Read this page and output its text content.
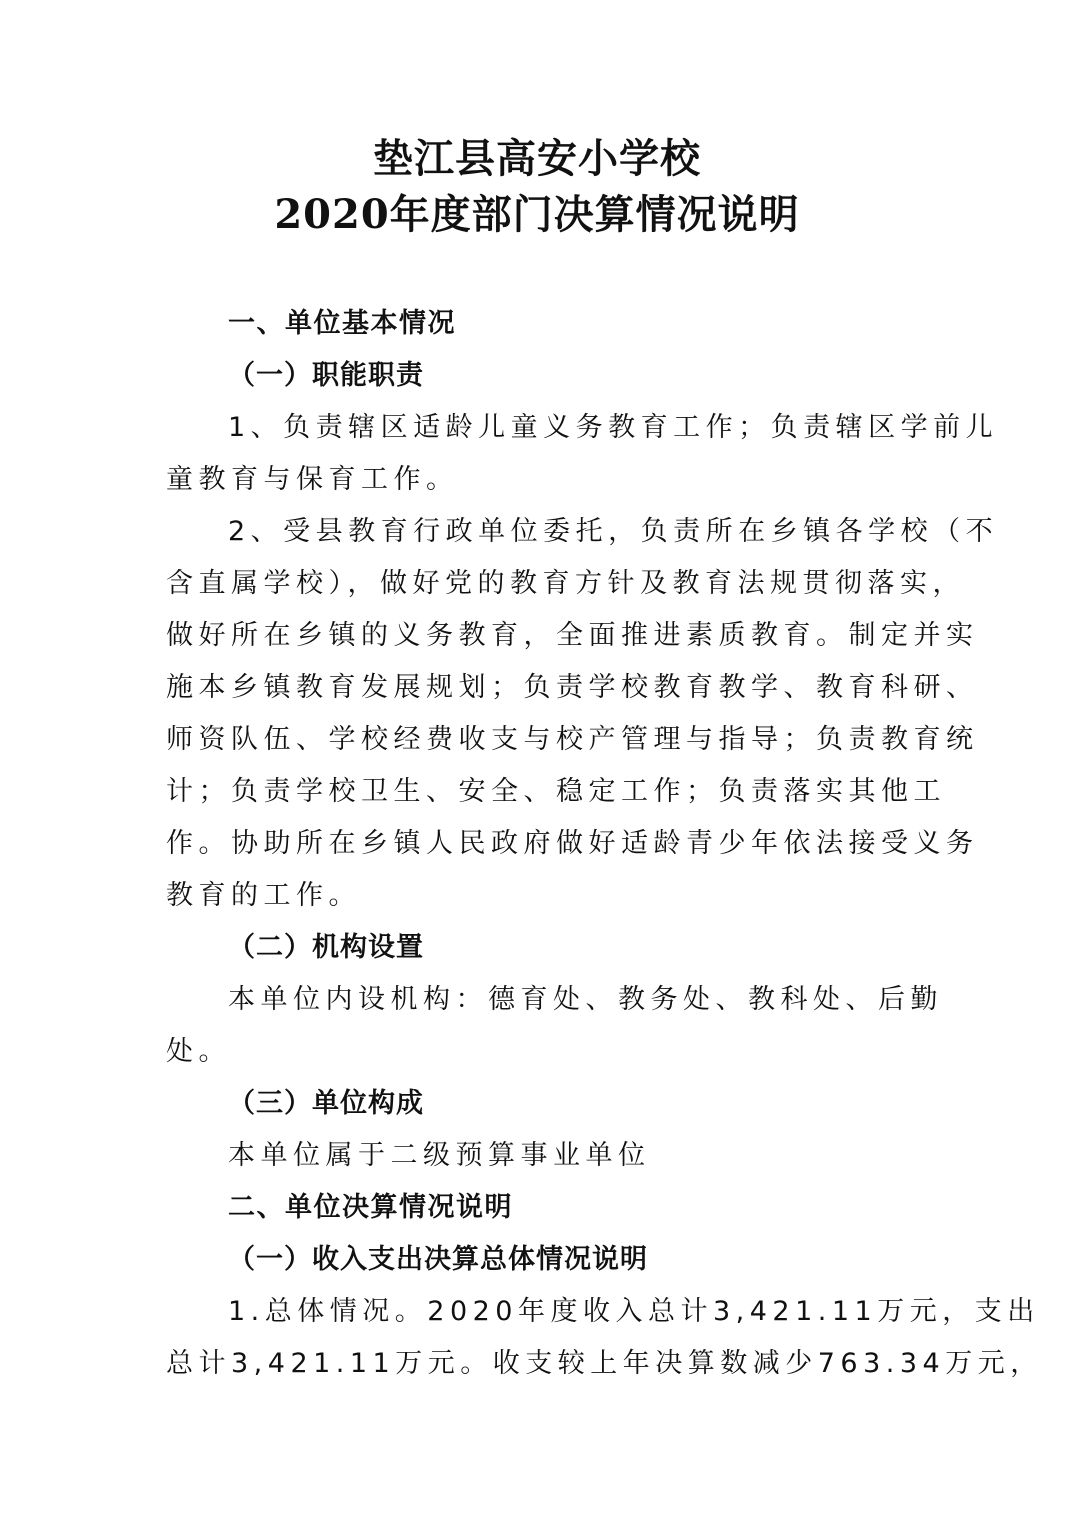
垫江县高安小学校
2020年度部门决算情况说明
一、单位基本情况
（一）职能职责
1、负责辖区适龄儿童义务教育工作；负责辖区学前儿
童教育与保育工作。
2、受县教育行政单位委托，负责所在乡镇各学校（不
含直属学校），做好党的教育方针及教育法规贯彻落实，
做好所在乡镇的义务教育，全面推进素质教育。制定并实
施本乡镇教育发展规划；负责学校教育教学、教育科研、
师资队伍、学校经费收支与校产管理与指导；负责教育统
计；负责学校卫生、安全、稳定工作；负责落实其他工
作。协助所在乡镇人民政府做好适龄青少年依法接受义务
教育的工作。
（二）机构设置
本单位内设机构：德育处、教务处、教科处、后勤
处。
（三）单位构成
本单位属于二级预算事业单位
二、单位决算情况说明
（一）收入支出决算总体情况说明
1.总体情况。2020年度收入总计3,421.11万元，支出
总计3,421.11万元。收支较上年决算数减少763.34万元，
